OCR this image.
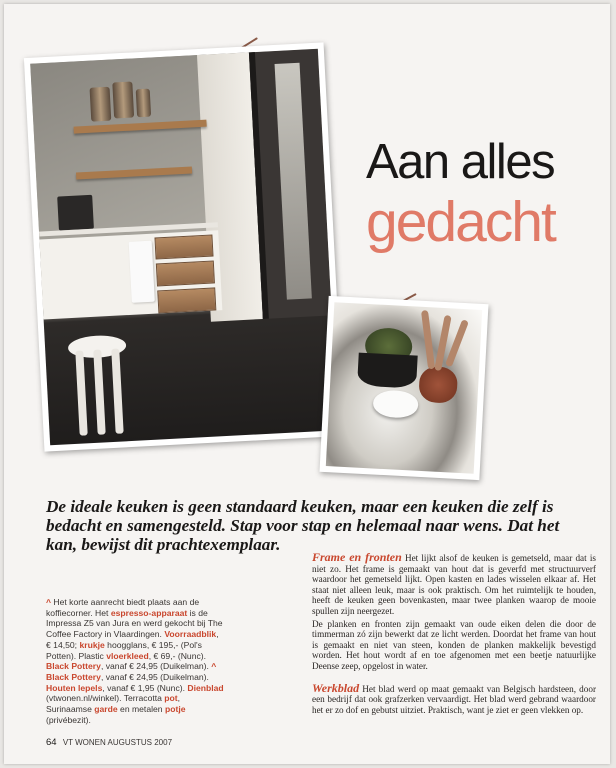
Aan alles
gedacht
De ideale keuken is geen standaard keuken, maar een keuken die zelf is bedacht en samengesteld. Stap voor stap en helemaal naar wens. Dat het kan, bewijst dit prachtexemplaar.
^ Het korte aanrecht biedt plaats aan de koffiecorner. Het espresso-apparaat is de Impressa Z5 van Jura en werd gekocht bij The Coffee Factory in Vlaardingen. Voorraadblik, € 14,50; krukje hoogglans, € 195,- (Pol's Potten). Plastic vloerkleed, € 69,- (Nunc). Black Pottery, vanaf € 24,95 (Duikelman). ^ Black Pottery, vanaf € 24,95 (Duikelman). Houten lepels, vanaf € 1,95 (Nunc). Dienblad (vtwonen.nl/winkel). Terracotta pot, Surinaamse garde en metalen potje (privébezit).

Frame en fronten Het lijkt alsof de keuken is gemetseld, maar dat is niet zo. Het frame is gemaakt van hout dat is geverfd met structuurverf waardoor het gemetseld lijkt. Open kasten en lades wisselen elkaar af. Het staat niet alleen leuk, maar is ook praktisch. Om het ruimtelijk te houden, heeft de keuken geen bovenkasten, maar twee planken waarop de mooie spullen zijn neergezet.

De planken en fronten zijn gemaakt van oude eiken delen die door de timmerman zó zijn bewerkt dat ze licht werden. Doordat het frame van hout is gemaakt en niet van steen, konden de planken makkelijk bevestigd worden. Het hout wordt af en toe afgenomen met een beetje natuurlijke Deense zeep, opgelost in water.

Werkblad Het blad werd op maat gemaakt van Belgisch hardsteen, door een bedrijf dat ook grafzerken vervaardigt. Het blad werd gebrand waardoor het er zo dof en gebutst uitziet. Praktisch, want je ziet er geen vlekken op.

64 VT WONEN AUGUSTUS 2007
